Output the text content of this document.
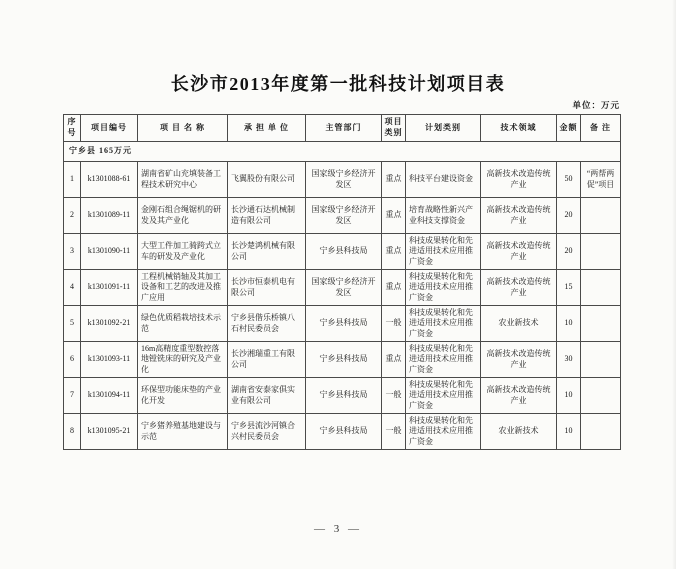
长沙市2013年度第一批科技计划项目表
单位：万元
序号	项目编号	项 目 名 称	承 担 单 位	主管部门	项目类别	计划类别	技术领域	金额	备 注
宁乡县 165万元									
1	k1301088-61	湖南省矿山充填装备工程技术研究中心	飞翼股份有限公司	国家级宁乡经济开发区	重点	科技平台建设资金	高新技术改造传统产业	50	“两帮两促”项目
2	k1301089-11	金刚石组合绳锯机的研发及其产业化	长沙通石达机械制造有限公司	国家级宁乡经济开发区	重点	培育战略性新兴产业科技支撑资金	高新技术改造传统产业	20	
3	k1301090-11	大型工件加工骑跨式立车的研发及产业化	长沙楚鸿机械有限公司	宁乡县科技局	重点	科技成果转化和先进适用技术应用推广资金	高新技术改造传统产业	20	
4	k1301091-11	工程机械销轴及其加工设备和工艺的改进及推广应用	长沙市恒泰机电有限公司	国家级宁乡经济开发区	重点	科技成果转化和先进适用技术应用推广资金	高新技术改造传统产业	15	
5	k1301092-21	绿色优质稻栽培技术示范	宁乡县偕乐桥镇八石村民委员会	宁乡县科技局	一般	科技成果转化和先进适用技术应用推广资金	农业新技术	10	
6	k1301093-11	16m高精度重型数控落地镗铣床的研究及产业化	长沙湘瑞重工有限公司	宁乡县科技局	重点	科技成果转化和先进适用技术应用推广资金	高新技术改造传统产业	30	
7	k1301094-11	环保型功能床垫的产业化开发	湖南省安泰家俱实业有限公司	宁乡县科技局	一般	科技成果转化和先进适用技术应用推广资金	高新技术改造传统产业	10	
8	k1301095-21	宁乡猪养殖基地建设与示范	宁乡县流沙河镇合兴村民委员会	宁乡县科技局	一般	科技成果转化和先进适用技术应用推广资金	农业新技术	10	
— 3 —
